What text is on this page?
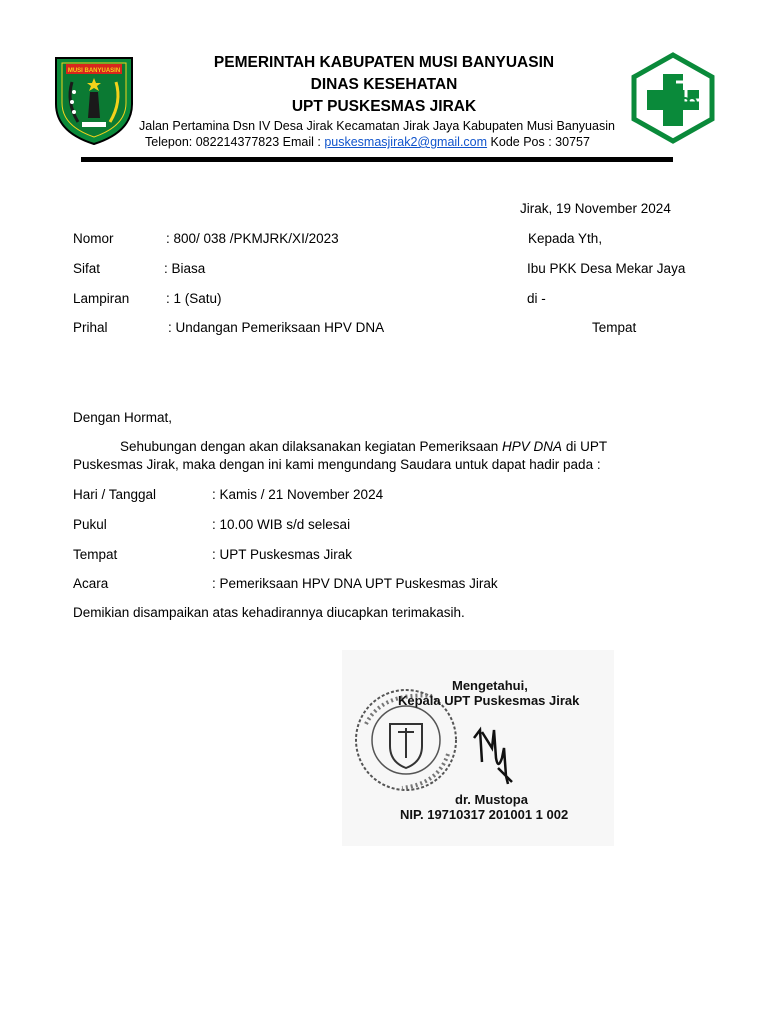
MUSI BANYUASIN	PEMERINTAH KABUPATEN MUSI BANYUASIN
DINAS KESEHATAN
UPT PUSKESMAS JIRAK
Jalan Pertamina Dsn IV Desa Jirak Kecamatan Jirak Jaya Kabupaten Musi Banyuasin
Telepon: 082214377823 Email : puskesmasjirak2@gmail.com Kode Pos : 30757
Jirak, 19 November 2024
Nomor	: 800/ 038 /PKMJRK/XI/2023
Sifat	: Biasa
Lampiran	: 1 (Satu)
Prihal	: Undangan Pemeriksaan HPV DNA
Kepada Yth,
Ibu PKK Desa Mekar Jaya
di -
Tempat
Dengan Hormat,
Sehubungan dengan akan dilaksanakan kegiatan Pemeriksaan HPV DNA di UPT
Puskesmas Jirak, maka dengan ini kami mengundang Saudara untuk dapat hadir pada :
Hari / Tanggal	: Kamis / 21 November 2024
Pukul	: 10.00 WIB s/d selesai
Tempat	: UPT Puskesmas Jirak
Acara	: Pemeriksaan HPV DNA UPT Puskesmas Jirak
Demikian disampaikan atas kehadirannya diucapkan terimakasih.
Mengetahui,
Kepala UPT Puskesmas Jirak
dr. Mustopa
NIP. 19710317 201001 1 002
